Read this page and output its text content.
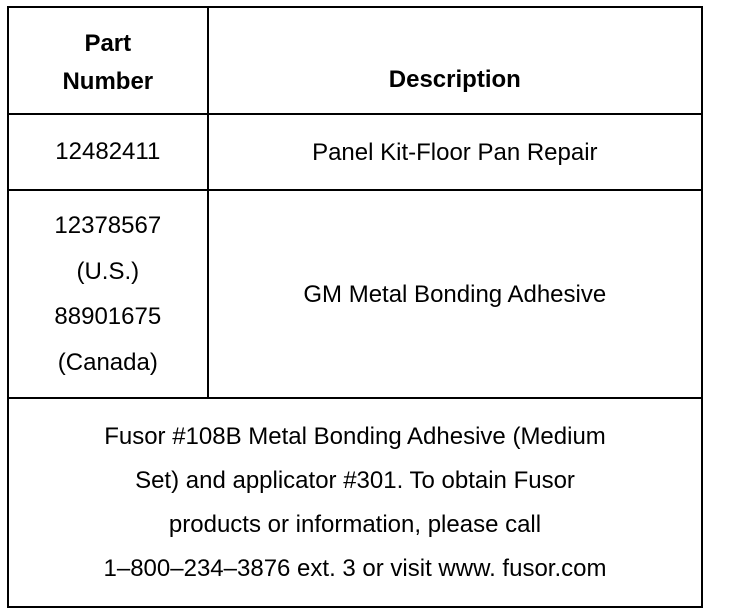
Part
Number	Description

12482411	Panel Kit-Floor Pan Repair

12378567
(U.S.)
88901675
(Canada)	GM Metal Bonding Adhesive

Fusor #108B Metal Bonding Adhesive (Medium
Set) and applicator #301. To obtain Fusor
products or information, please call
1–800–234–3876 ext. 3 or visit www. fusor.com	
